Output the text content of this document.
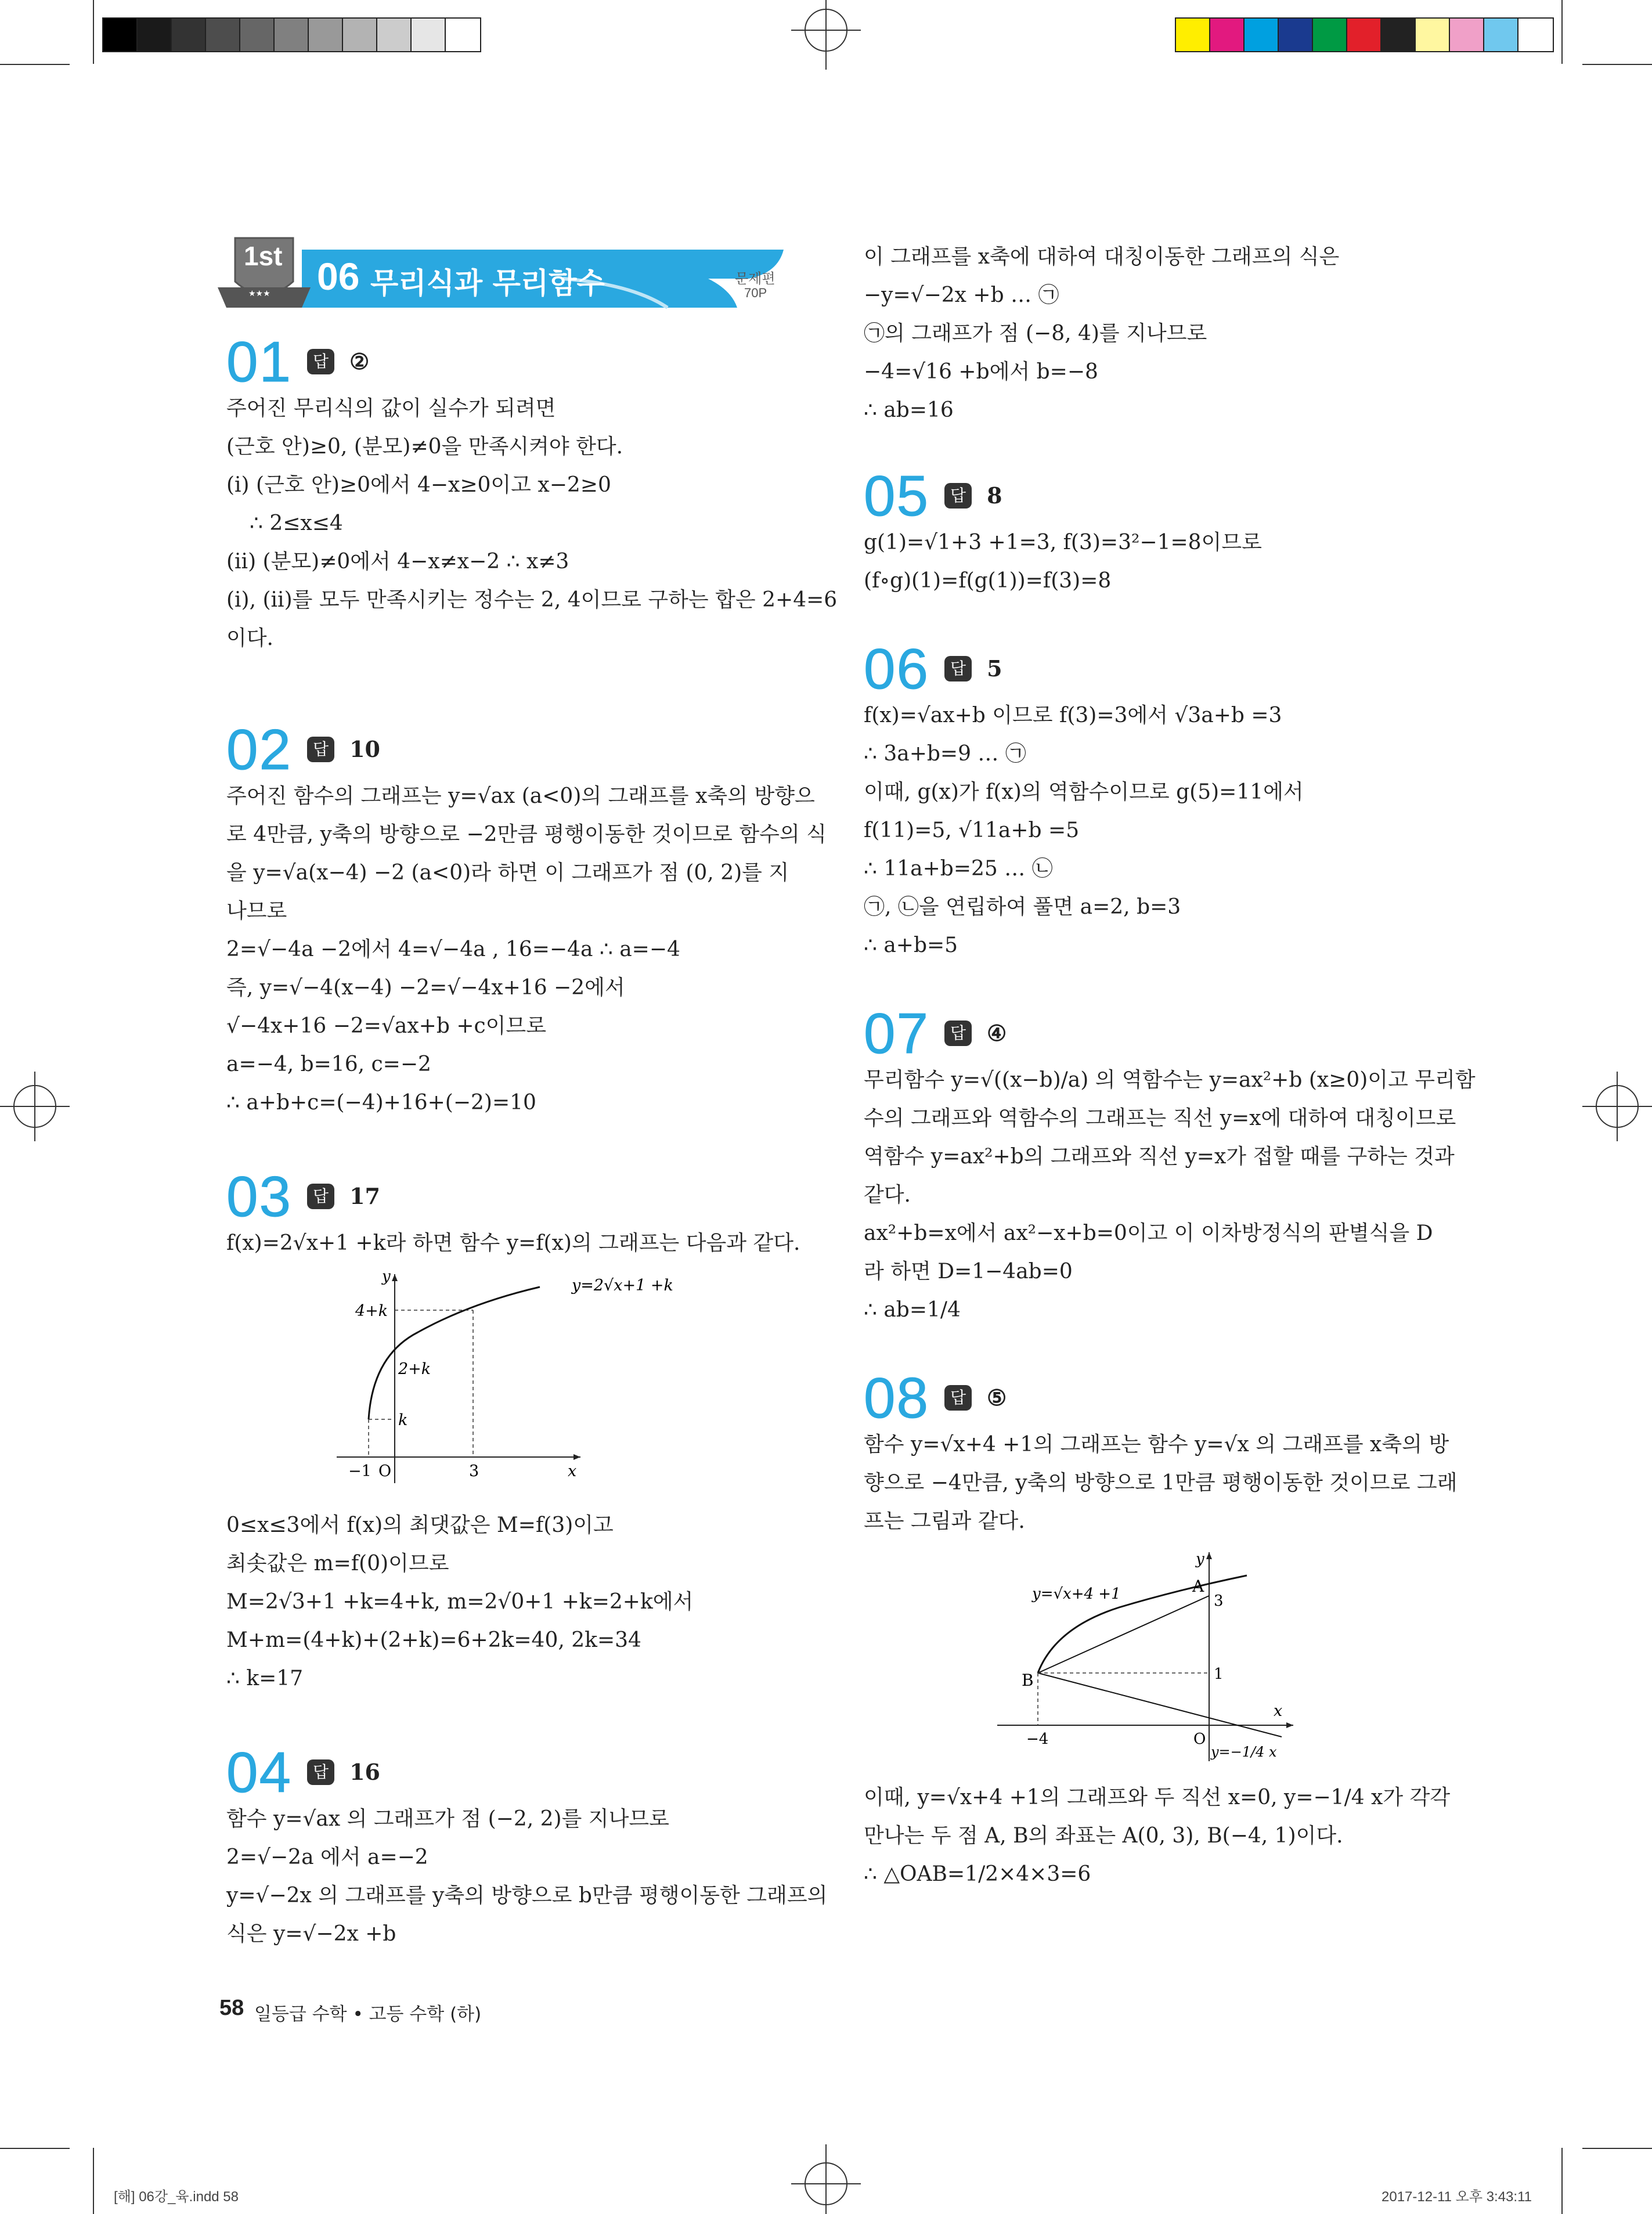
★★★
1st 06 무리식과 무리함수	문제편
70P
01	답 ②

주어진 무리식의 값이 실수가 되려면

(근호 안)≥0, (분모)≠0을 만족시켜야 한다.

(ⅰ) (근호 안)≥0에서 4−x≥0이고 x−2≥0

∴ 2≤x≤4

(ⅱ) (분모)≠0에서 4−x≠x−2 ∴ x≠3

(ⅰ), (ⅱ)를 모두 만족시키는 정수는 2, 4이므로 구하는 합은 2+4=6

이다.

02	답 10

주어진 함수의 그래프는 y=√ax (a<0)의 그래프를 x축의 방향으

로 4만큼, y축의 방향으로 −2만큼 평행이동한 것이므로 함수의 식

을 y=√a(x−4) −2 (a<0)라 하면 이 그래프가 점 (0, 2)를 지

나므로

2=√−4a −2에서 4=√−4a , 16=−4a ∴ a=−4

즉, y=√−4(x−4) −2=√−4x+16 −2에서

√−4x+16 −2=√ax+b +c이므로

a=−4, b=16, c=−2

∴ a+b+c=(−4)+16+(−2)=10

03	답 17

f(x)=2√x+1 +k라 하면 함수 y=f(x)의 그래프는 다음과 같다.

y=2√x+1 +k
y
4+k
2+k
k
−1 O	3	x

0≤x≤3에서 f(x)의 최댓값은 M=f(3)이고

최솟값은 m=f(0)이므로

M=2√3+1 +k=4+k, m=2√0+1 +k=2+k에서

M+m=(4+k)+(2+k)=6+2k=40, 2k=34

∴ k=17

04	답 16

함수 y=√ax 의 그래프가 점 (−2, 2)를 지나므로

2=√−2a 에서 a=−2

y=√−2x 의 그래프를 y축의 방향으로 b만큼 평행이동한 그래프의

식은 y=√−2x +b

이 그래프를 x축에 대하여 대칭이동한 그래프의 식은

−y=√−2x +b … ㉠

㉠의 그래프가 점 (−8, 4)를 지나므로

−4=√16 +b에서 b=−8

∴ ab=16

05	답 8

g(1)=√1+3 +1=3, f(3)=3²−1=8이므로

(f∘g)(1)=f(g(1))=f(3)=8

06	답 5

f(x)=√ax+b 이므로 f(3)=3에서 √3a+b =3

∴ 3a+b=9 … ㉠

이때, g(x)가 f(x)의 역함수이므로 g(5)=11에서

f(11)=5, √11a+b =5

∴ 11a+b=25 … ㉡

㉠, ㉡을 연립하여 풀면 a=2, b=3

∴ a+b=5

07	답 ④

무리함수 y=√((x−b)/a) 의 역함수는 y=ax²+b (x≥0)이고 무리함

수의 그래프와 역함수의 그래프는 직선 y=x에 대하여 대칭이므로

역함수 y=ax²+b의 그래프와 직선 y=x가 접할 때를 구하는 것과

같다.

ax²+b=x에서 ax²−x+b=0이고 이 이차방정식의 판별식을 D

라 하면 D=1−4ab=0

∴ ab=1/4

08	답 ⑤

함수 y=√x+4 +1의 그래프는 함수 y=√x 의 그래프를 x축의 방

향으로 −4만큼, y축의 방향으로 1만큼 평행이동한 것이므로 그래

프는 그림과 같다.

y
y=√x+4 +1	A
3
B	1
x
−4	O
y=−1/4 x

이때, y=√x+4 +1의 그래프와 두 직선 x=0, y=−1/4 x가 각각

만나는 두 점 A, B의 좌표는 A(0, 3), B(−4, 1)이다.

∴ △OAB=1/2×4×3=6

58 일등급 수학 • 고등 수학 (하)
[해] 06강_육.indd 58	2017-12-11 오후 3:43:11
